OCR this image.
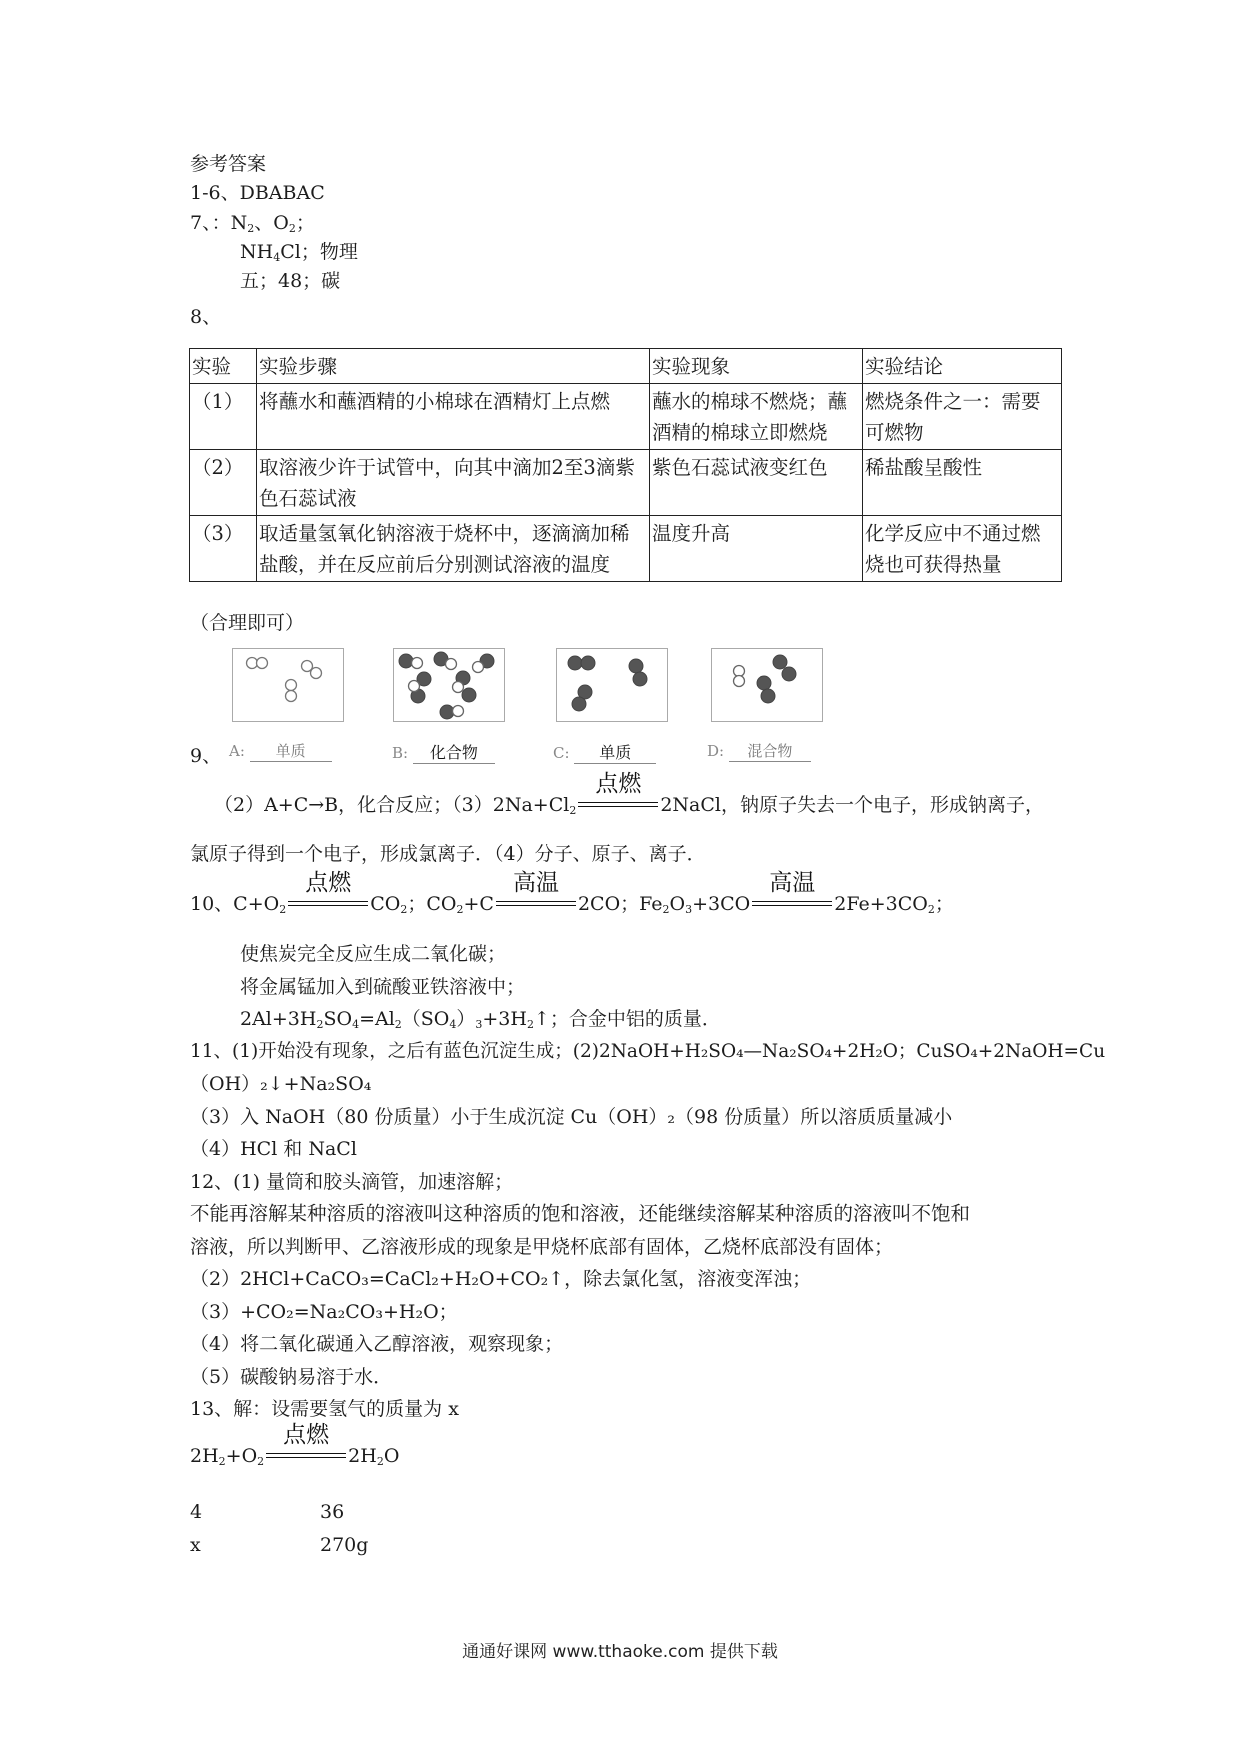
参考答案
1-6、DBABAC
7、：$N_2$、$O_2$；
$NH_4Cl$；物理
五；48；碳
8、
实验	实验步骤	实验现象	实验结论
（1）	将蘸水和蘸酒精的小棉球在酒精灯上点燃	蘸水的棉球不燃烧；蘸酒精的棉球立即燃烧	燃烧条件之一：需要可燃物
（2）	取溶液少许于试管中，向其中滴加2至3滴紫色石蕊试液	紫色石蕊试液变红色	稀盐酸呈酸性
（3）	取适量氢氧化钠溶液于烧杯中，逐滴滴加稀盐酸，并在反应前后分别测试溶液的温度	温度升高	化学反应中不通过燃烧也可获得热量
（合理即可）
A: 单质	B: 化合物	C: 单质	D: 混合物
9、
（2）A+C→B，化合反应；$(3)2Na+Cl_2$
点燃
2NaCl，钠原子失去一个电子，形成钠离子，
氯原子得到一个电子，形成氯离子．（4）分子、原子、离子．
10、$C+O_2$
点燃
$CO_2$；$CO_2+C$
高温
2CO；$Fe_2O_3+3CO$
高温
$2Fe+3CO_2$；
使焦炭完全反应生成二氧化碳；
将金属锰加入到硫酸亚铁溶液中；
$2Al+3H_2SO_4=Al_2(SO_4)_3+3H_2↑$；合金中铝的质量．
11、(1)开始没有现象，之后有蓝色沉淀生成；(2)2NaOH+H₂SO₄—Na₂SO₄+2H₂O；CuSO₄+2NaOH=Cu
（OH）₂↓+Na₂SO₄
（3）入 NaOH（80 份质量）小于生成沉淀 Cu（OH）₂（98 份质量）所以溶质质量减小
（4）HCl 和 NaCl
12、(1) 量筒和胶头滴管，加速溶解；
不能再溶解某种溶质的溶液叫这种溶质的饱和溶液，还能继续溶解某种溶质的溶液叫不饱和
溶液，所以判断甲、乙溶液形成的现象是甲烧杯底部有固体，乙烧杯底部没有固体；
（2）2HCl+CaCO₃=CaCl₂+H₂O+CO₂↑，除去氯化氢，溶液变浑浊；
（3）+CO₂=Na₂CO₃+H₂O；
（4）将二氧化碳通入乙醇溶液，观察现象；
（5）碳酸钠易溶于水．
13、解：设需要氢气的质量为 x
$2H_2+O_2$
点燃
$2H_2O$
4	36
x	270g
通通好课网 www.tthaoke.com 提供下载
